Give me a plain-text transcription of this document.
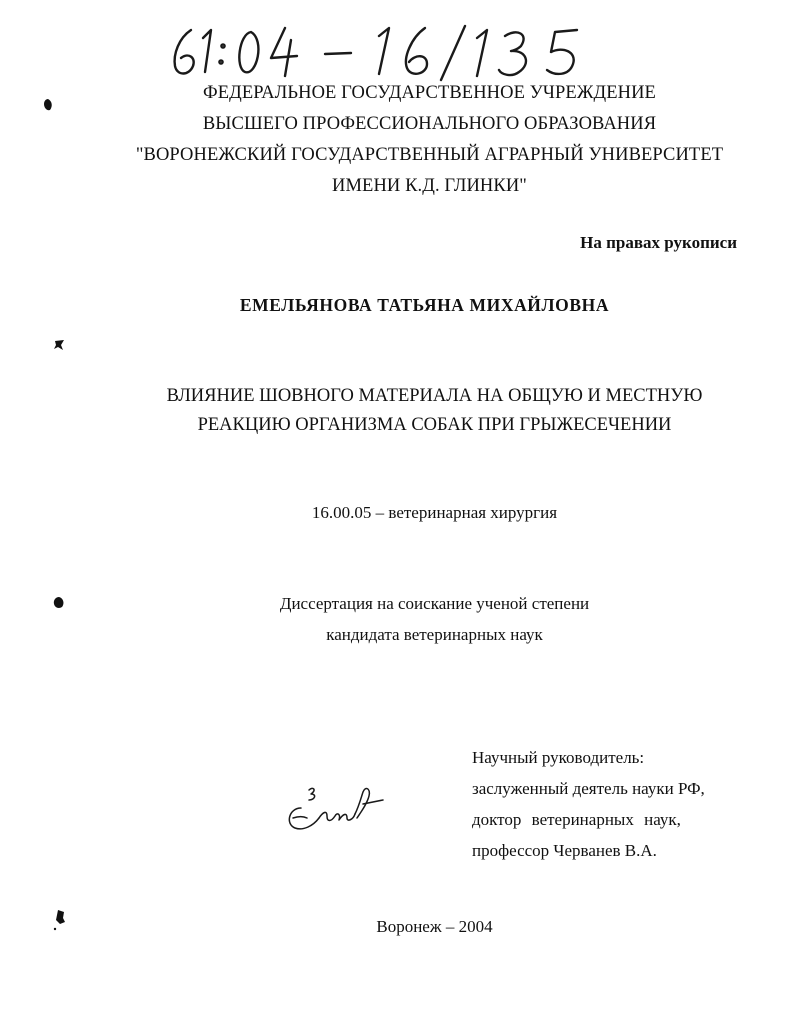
ФЕДЕРАЛЬНОЕ ГОСУДАРСТВЕННОЕ УЧРЕЖДЕНИЕ
ВЫСШЕГО ПРОФЕССИОНАЛЬНОГО ОБРАЗОВАНИЯ
"ВОРОНЕЖСКИЙ ГОСУДАРСТВЕННЫЙ АГРАРНЫЙ УНИВЕРСИТЕТ
ИМЕНИ К.Д. ГЛИНКИ"
На правах рукописи
ЕМЕЛЬЯНОВА ТАТЬЯНА МИХАЙЛОВНА
ВЛИЯНИЕ ШОВНОГО МАТЕРИАЛА НА ОБЩУЮ И МЕСТНУЮ
РЕАКЦИЮ ОРГАНИЗМА СОБАК ПРИ ГРЫЖЕСЕЧЕНИИ
16.00.05 – ветеринарная хирургия
Диссертация на соискание ученой степени
кандидата ветеринарных наук
Научный руководитель:
заслуженный деятель науки РФ,
доктор ветеринарных наук,
профессор Черванев В.А.
Воронеж – 2004
